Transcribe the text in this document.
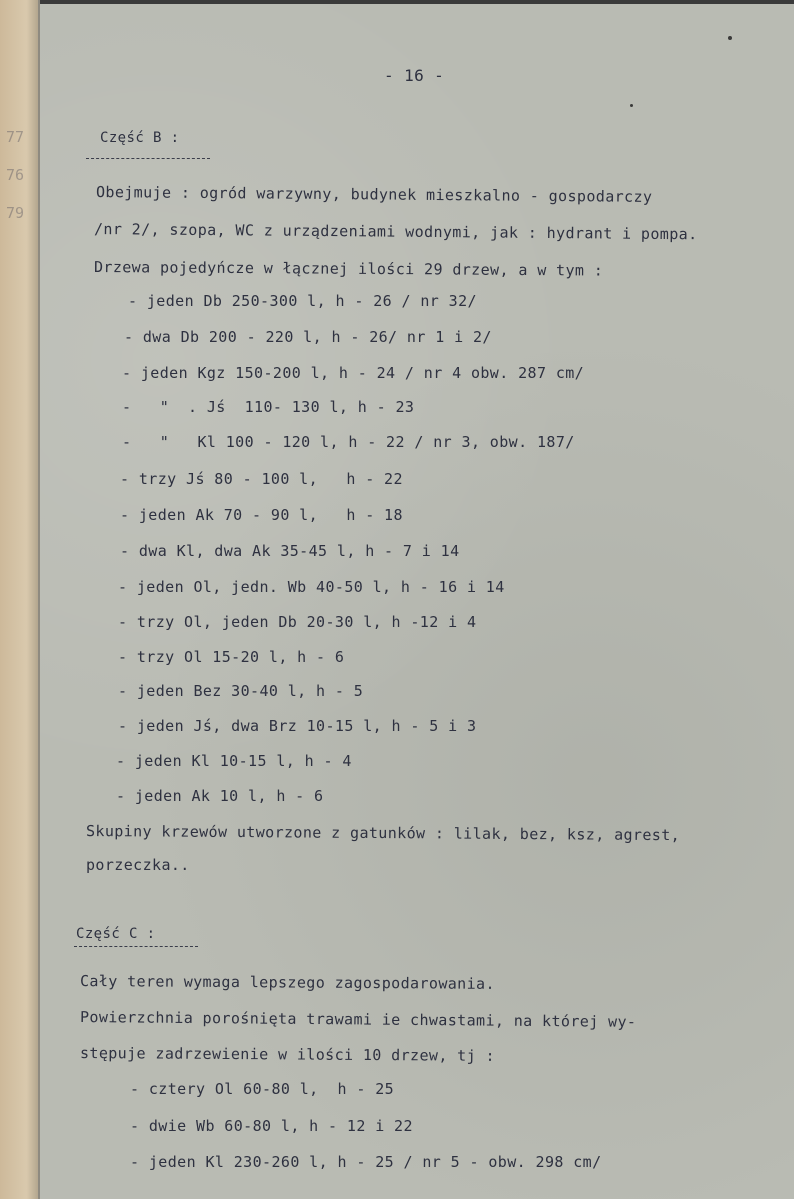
77
76
79
- 16 -
Część B :
Obejmuje : ogród warzywny, budynek mieszkalno - gospodarczy
/nr 2/, szopa, WC z urządzeniami wodnymi, jak : hydrant i pompa.
Drzewa pojedyńcze w łącznej ilości 29 drzew, a w tym :
- jeden Db 250-300 l, h - 26 / nr 32/
- dwa Db 200 - 220 l, h - 26/ nr 1 i 2/
- jeden Kgz 150-200 l, h - 24 / nr 4 obw. 287 cm/
-   "  . Jś  110- 130 l, h - 23
-   "   Kl 100 - 120 l, h - 22 / nr 3, obw. 187/
- trzy Jś 80 - 100 l,   h - 22
- jeden Ak 70 - 90 l,   h - 18
- dwa Kl, dwa Ak 35-45 l, h - 7 i 14
- jeden Ol, jedn. Wb 40-50 l, h - 16 i 14
- trzy Ol, jeden Db 20-30 l, h -12 i 4
- trzy Ol 15-20 l, h - 6
- jeden Bez 30-40 l, h - 5
- jeden Jś, dwa Brz 10-15 l, h - 5 i 3
- jeden Kl 10-15 l, h - 4
- jeden Ak 10 l, h - 6
Skupiny krzewów utworzone z gatunków : lilak, bez, ksz, agrest,
porzeczka..
Część C :
Cały teren wymaga lepszego zagospodarowania.
Powierzchnia porośnięta trawami ie chwastami, na której wy-
stępuje zadrzewienie w ilości 10 drzew, tj :
- cztery Ol 60-80 l,  h - 25
- dwie Wb 60-80 l, h - 12 i 22
- jeden Kl 230-260 l, h - 25 / nr 5 - obw. 298 cm/
